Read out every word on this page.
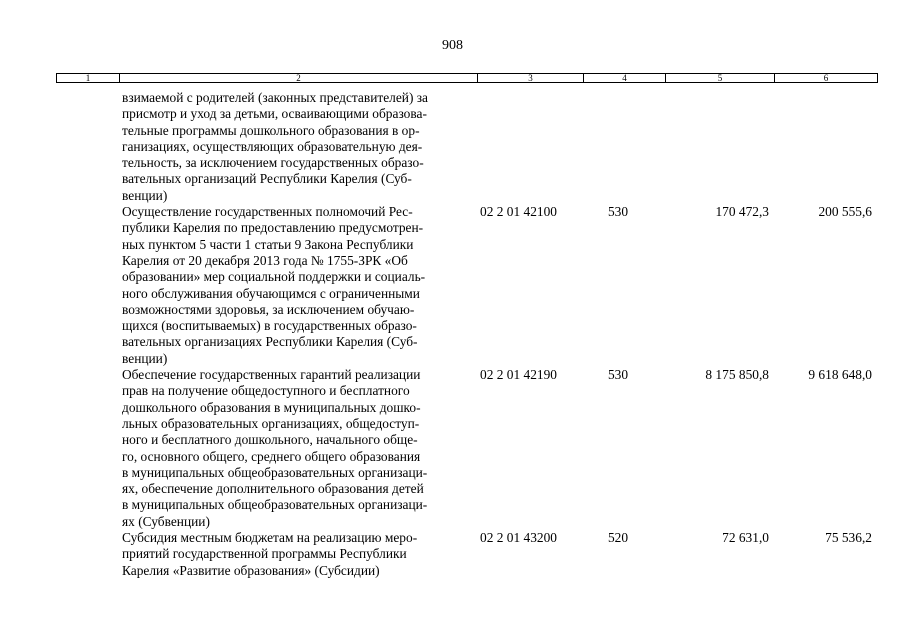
908
1	2	3	4	5	6
взимаемой с родителей (законных представителей) за
присмотр и уход за детьми, осваивающими образова-
тельные программы дошкольного образования в ор-
ганизациях, осуществляющих образовательную дея-
тельность, за исключением государственных образо-
вательных организаций Республики Карелия (Суб-
венции)
Осуществление государственных полномочий Рес-
публики Карелия по предоставлению предусмотрен-
ных пунктом 5 части 1 статьи 9 Закона Республики
Карелия от 20 декабря 2013 года № 1755-ЗРК «Об
образовании» мер социальной поддержки и социаль-
ного обслуживания обучающимся с ограниченными
возможностями здоровья, за исключением обучаю-
щихся (воспитываемых) в государственных образо-
вательных организациях Республики Карелия (Суб-
венции)
02 2 01 42100	530	170 472,3	200 555,6
Обеспечение государственных гарантий реализации
прав на получение общедоступного и бесплатного
дошкольного образования в муниципальных дошко-
льных образовательных организациях, общедоступ-
ного и бесплатного дошкольного, начального обще-
го, основного общего, среднего общего образования
в муниципальных общеобразовательных организаци-
ях, обеспечение дополнительного образования детей
в муниципальных общеобразовательных организаци-
ях (Субвенции)
02 2 01 42190	530	8 175 850,8	9 618 648,0
Субсидия местным бюджетам на реализацию меро-
приятий государственной программы Республики
Карелия «Развитие образования» (Субсидии)
02 2 01 43200	520	72 631,0	75 536,2
